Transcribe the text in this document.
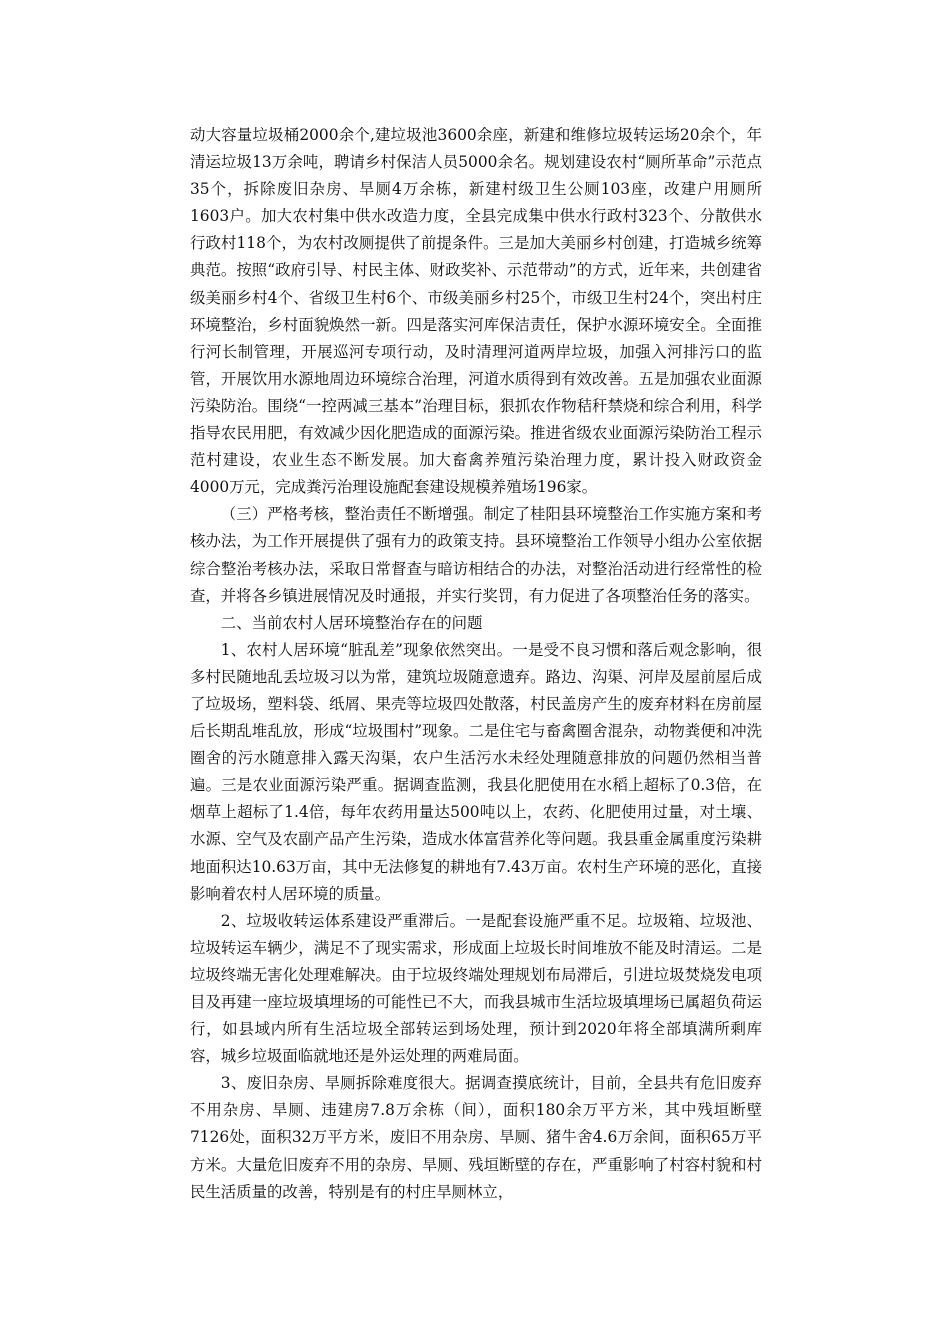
动大容量垃圾桶2000余个,建垃圾池3600余座，新建和维修垃圾转运场20余个，年清运垃圾13万余吨，聘请乡村保洁人员5000余名。规划建设农村“厕所革命”示范点35个，拆除废旧杂房、旱厕4万余栋，新建村级卫生公厕103座，改建户用厕所1603户。加大农村集中供水改造力度，全县完成集中供水行政村323个、分散供水行政村118个，为农村改厕提供了前提条件。三是加大美丽乡村创建，打造城乡统筹典范。按照“政府引导、村民主体、财政奖补、示范带动”的方式，近年来，共创建省级美丽乡村4个、省级卫生村6个、市级美丽乡村25个，市级卫生村24个，突出村庄环境整治，乡村面貌焕然一新。四是落实河库保洁责任，保护水源环境安全。全面推行河长制管理，开展巡河专项行动，及时清理河道两岸垃圾，加强入河排污口的监管，开展饮用水源地周边环境综合治理，河道水质得到有效改善。五是加强农业面源污染防治。围绕“一控两减三基本”治理目标，狠抓农作物秸秆禁烧和综合利用，科学指导农民用肥，有效减少因化肥造成的面源污染。推进省级农业面源污染防治工程示范村建设，农业生态不断发展。加大畜禽养殖污染治理力度，累计投入财政资金4000万元，完成粪污治理设施配套建设规模养殖场196家。

（三）严格考核，整治责任不断增强。制定了桂阳县环境整治工作实施方案和考核办法，为工作开展提供了强有力的政策支持。县环境整治工作领导小组办公室依据综合整治考核办法，采取日常督查与暗访相结合的办法，对整治活动进行经常性的检查，并将各乡镇进展情况及时通报，并实行奖罚，有力促进了各项整治任务的落实。

二、当前农村人居环境整治存在的问题

1、农村人居环境“脏乱差”现象依然突出。一是受不良习惯和落后观念影响，很多村民随地乱丢垃圾习以为常，建筑垃圾随意遗弃。路边、沟渠、河岸及屋前屋后成了垃圾场，塑料袋、纸屑、果壳等垃圾四处散落，村民盖房产生的废弃材料在房前屋后长期乱堆乱放，形成“垃圾围村”现象。二是住宅与畜禽圈舍混杂，动物粪便和冲洗圈舍的污水随意排入露天沟渠，农户生活污水未经处理随意排放的问题仍然相当普遍。三是农业面源污染严重。据调查监测，我县化肥使用在水稻上超标了0.3倍，在烟草上超标了1.4倍，每年农药用量达500吨以上，农药、化肥使用过量，对土壤、水源、空气及农副产品产生污染，造成水体富营养化等问题。我县重金属重度污染耕地面积达10.63万亩，其中无法修复的耕地有7.43万亩。农村生产环境的恶化，直接影响着农村人居环境的质量。

2、垃圾收转运体系建设严重滞后。一是配套设施严重不足。垃圾箱、垃圾池、垃圾转运车辆少，满足不了现实需求，形成面上垃圾长时间堆放不能及时清运。二是垃圾终端无害化处理难解决。由于垃圾终端处理规划布局滞后，引进垃圾焚烧发电项目及再建一座垃圾填埋场的可能性已不大，而我县城市生活垃圾填埋场已属超负荷运行，如县域内所有生活垃圾全部转运到场处理，预计到2020年将全部填满所剩库容，城乡垃圾面临就地还是外运处理的两难局面。

3、废旧杂房、旱厕拆除难度很大。据调查摸底统计，目前，全县共有危旧废弃不用杂房、旱厕、违建房7.8万余栋（间），面积180余万平方米，其中残垣断壁7126处，面积32万平方米，废旧不用杂房、旱厕、猪牛舍4.6万余间，面积65万平方米。大量危旧废弃不用的杂房、旱厕、残垣断壁的存在，严重影响了村容村貌和村民生活质量的改善，特别是有的村庄旱厕林立，
